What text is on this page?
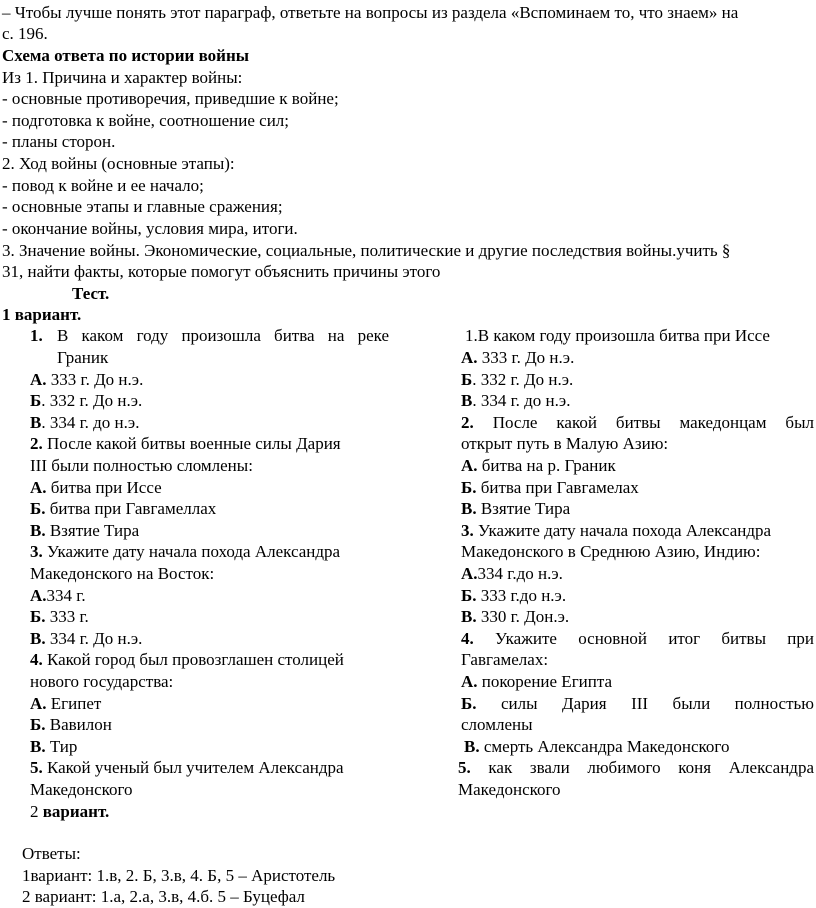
– Чтобы лучше понять этот параграф, ответьте на вопросы из раздела «Вспоминаем то, что знаем» на
с. 196.
Схема ответа по истории войны
Из 1. Причина и характер войны:
- основные противоречия, приведшие к войне;
- подготовка к войне, соотношение сил;
- планы сторон.
2. Ход войны (основные этапы):
- повод к войне и ее начало;
- основные этапы и главные сражения;
- окончание войны, условия мира, итоги.
3. Значение войны. Экономические, социальные, политические и другие последствия войны.учить §
31, найти факты, которые помогут объяснить причины этого
Тест.
1 вариант.
1. В каком году произошла битва на реке
Граник
А. 333 г. До н.э.
Б. 332 г. До н.э.
В. 334 г. до н.э.
2. После какой битвы военные силы Дария
III были полностью сломлены:
А. битва при Иссе
Б. битва при Гавгамеллах
В. Взятие Тира
3. Укажите дату начала похода Александра
Македонского на Восток:
А.334 г.
Б. 333 г.
В. 334 г. До н.э.
4. Какой город был провозглашен столицей
нового государства:
А. Египет
Б. Вавилон
В. Тир
5. Какой ученый был учителем Александра
Македонского
2 вариант.
1.В каком году произошла битва при Иссе
А. 333 г. До н.э.
Б. 332 г. До н.э.
В. 334 г. до н.э.
2. После какой битвы македонцам был
открыт путь в Малую Азию:
А. битва на р. Граник
Б. битва при Гавгамелах
В. Взятие Тира
3. Укажите дату начала похода Александра
Македонского в Среднюю Азию, Индию:
А.334 г.до н.э.
Б. 333 г.до н.э.
В. 330 г. Дон.э.
4. Укажите основной итог битвы при
Гавгамелах:
А. покорение Египта
Б. силы Дария III были полностью
сломлены
В. смерть Александра Македонского
5. как звали любимого коня Александра
Македонского
Ответы:
1вариант: 1.в, 2. Б, 3.в, 4. Б, 5 – Аристотель
2 вариант: 1.а, 2.а, 3.в, 4.б. 5 – Буцефал
